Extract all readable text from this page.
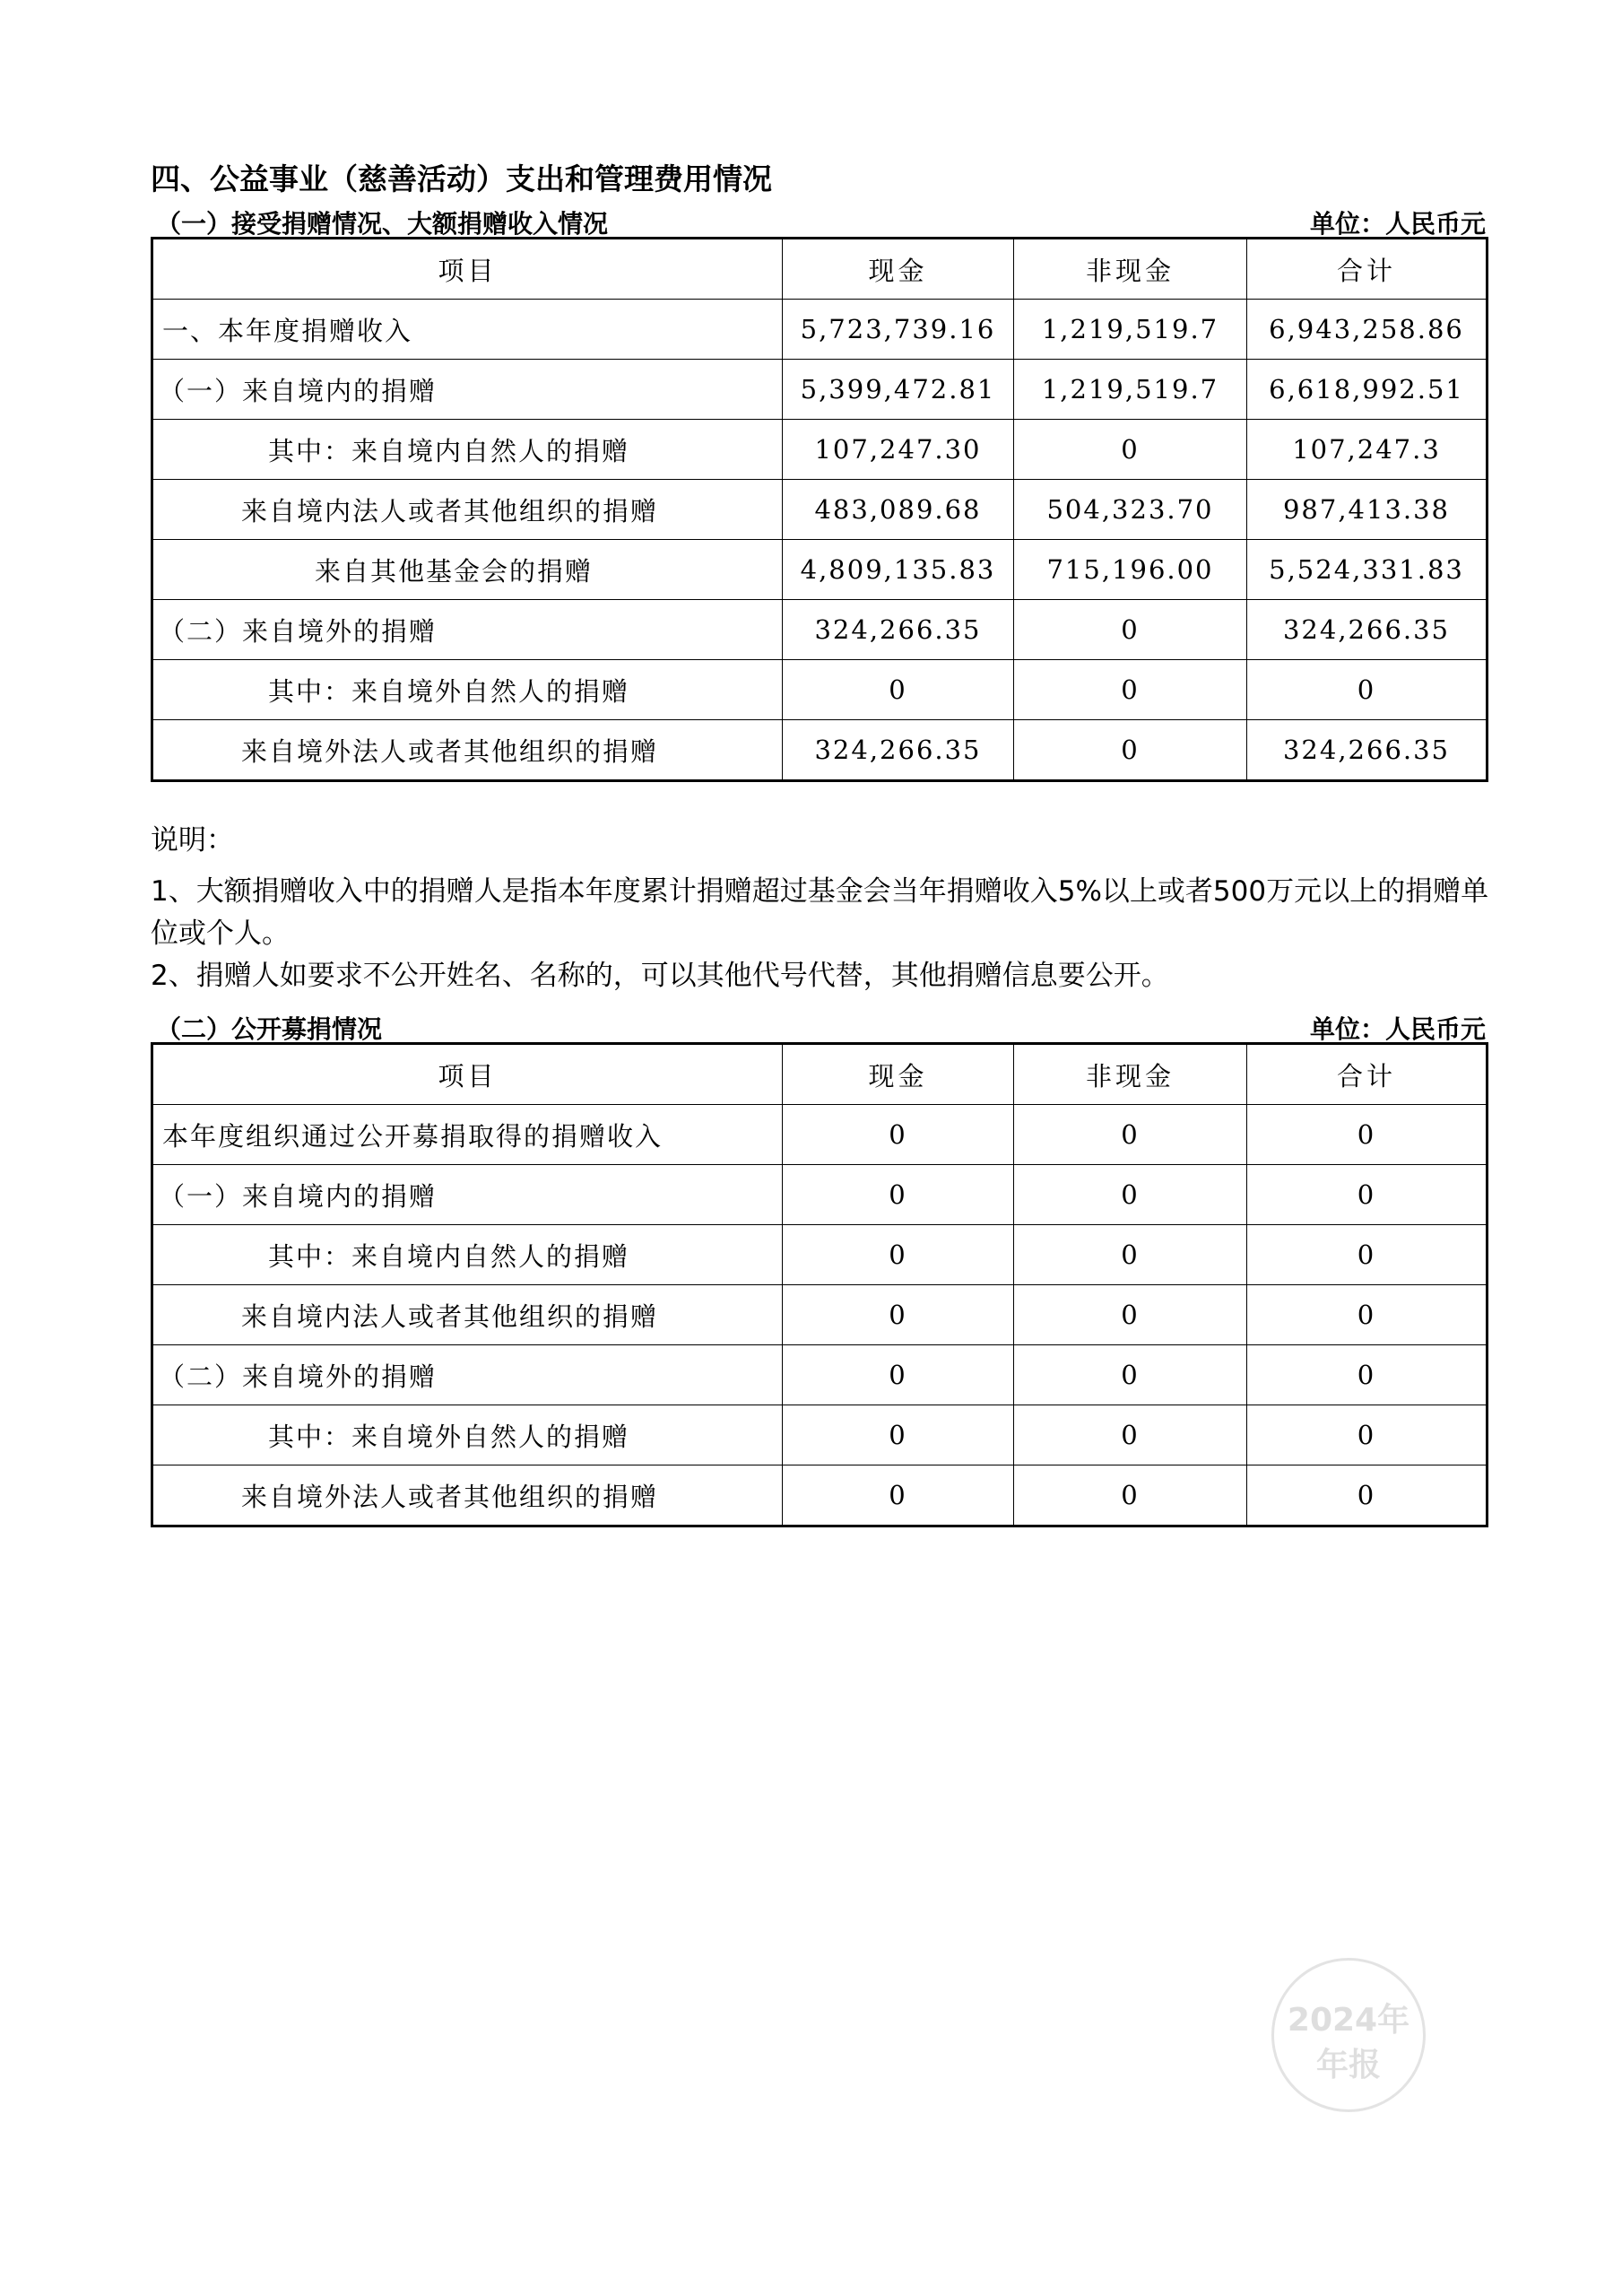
四、公益事业（慈善活动）支出和管理费用情况
（一）接受捐赠情况、大额捐赠收入情况	单位：人民币元
项目	现金	非现金	合计
一、本年度捐赠收入	5,723,739.16	1,219,519.7	6,943,258.86
（一）来自境内的捐赠	5,399,472.81	1,219,519.7	6,618,992.51
其中：来自境内自然人的捐赠	107,247.30	0	107,247.3
来自境内法人或者其他组织的捐赠	483,089.68	504,323.70	987,413.38
来自其他基金会的捐赠	4,809,135.83	715,196.00	5,524,331.83
（二）来自境外的捐赠	324,266.35	0	324,266.35
其中：来自境外自然人的捐赠	0	0	0
来自境外法人或者其他组织的捐赠	324,266.35	0	324,266.35

说明：

1、大额捐赠收入中的捐赠人是指本年度累计捐赠超过基金会当年捐赠收入5%以上或者500万元以上的捐赠单位或个人。

2、捐赠人如要求不公开姓名、名称的，可以其他代号代替，其他捐赠信息要公开。

（二）公开募捐情况	单位：人民币元
项目	现金	非现金	合计
本年度组织通过公开募捐取得的捐赠收入	0	0	0
（一）来自境内的捐赠	0	0	0
其中：来自境内自然人的捐赠	0	0	0
来自境内法人或者其他组织的捐赠	0	0	0
（二）来自境外的捐赠	0	0	0
其中：来自境外自然人的捐赠	0	0	0
来自境外法人或者其他组织的捐赠	0	0	0
2024年
年报
